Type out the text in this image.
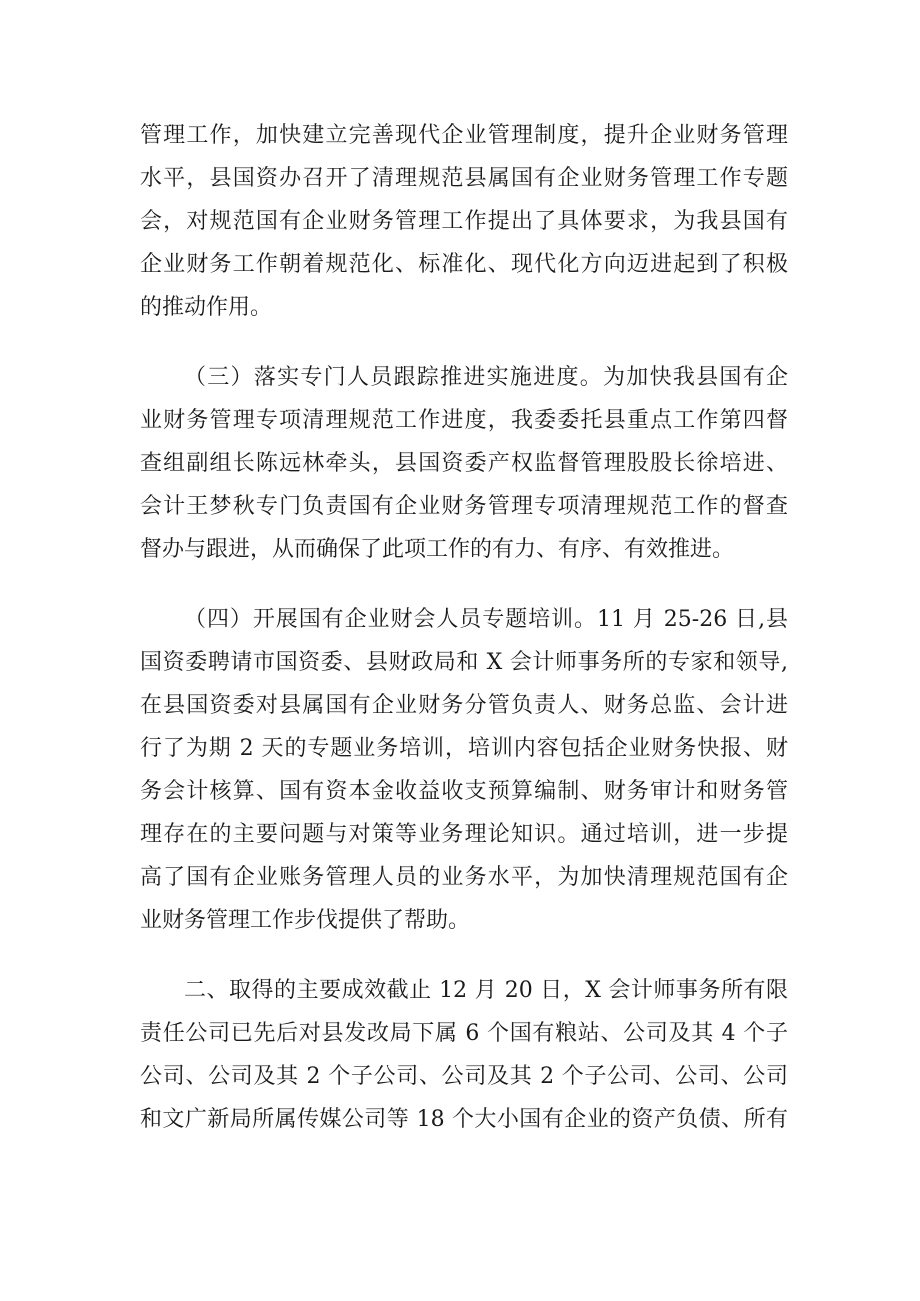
管理工作，加快建立完善现代企业管理制度，提升企业财务管理
水平，县国资办召开了清理规范县属国有企业财务管理工作专题
会，对规范国有企业财务管理工作提出了具体要求，为我县国有
企业财务工作朝着规范化、标准化、现代化方向迈进起到了积极
的推动作用。
（三）落实专门人员跟踪推进实施进度。为加快我县国有企
业财务管理专项清理规范工作进度，我委委托县重点工作第四督
查组副组长陈远林牵头，县国资委产权监督管理股股长徐培进、
会计王梦秋专门负责国有企业财务管理专项清理规范工作的督查
督办与跟进，从而确保了此项工作的有力、有序、有效推进。
（四）开展国有企业财会人员专题培训。11 月 25-26 日,县
国资委聘请市国资委、县财政局和 X 会计师事务所的专家和领导,
在县国资委对县属国有企业财务分管负责人、财务总监、会计进
行了为期 2 天的专题业务培训，培训内容包括企业财务快报、财
务会计核算、国有资本金收益收支预算编制、财务审计和财务管
理存在的主要问题与对策等业务理论知识。通过培训，进一步提
高了国有企业账务管理人员的业务水平，为加快清理规范国有企
业财务管理工作步伐提供了帮助。
二、取得的主要成效截止 12 月 20 日，X 会计师事务所有限
责任公司已先后对县发改局下属 6 个国有粮站、公司及其 4 个子
公司、公司及其 2 个子公司、公司及其 2 个子公司、公司、公司
和文广新局所属传媒公司等 18 个大小国有企业的资产负债、所有
